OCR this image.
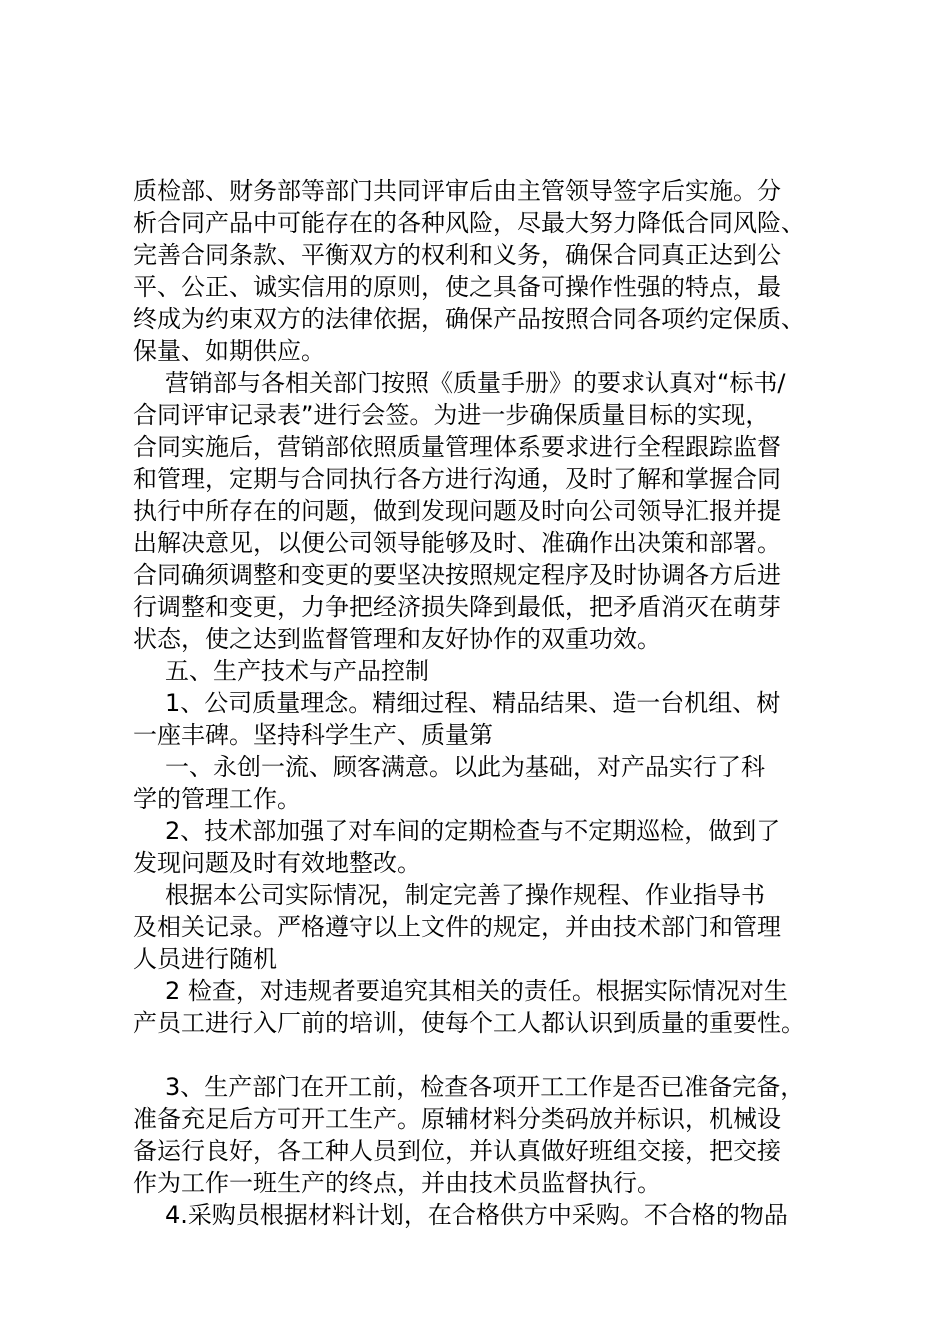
质检部、财务部等部门共同评审后由主管领导签字后实施。分
析合同产品中可能存在的各种风险，尽最大努力降低合同风险、
完善合同条款、平衡双方的权利和义务，确保合同真正达到公
平、公正、诚实信用的原则，使之具备可操作性强的特点，最
终成为约束双方的法律依据，确保产品按照合同各项约定保质、
保量、如期供应。
营销部与各相关部门按照《质量手册》的要求认真对“标书/
合同评审记录表”进行会签。为进一步确保质量目标的实现，
合同实施后，营销部依照质量管理体系要求进行全程跟踪监督
和管理，定期与合同执行各方进行沟通，及时了解和掌握合同
执行中所存在的问题，做到发现问题及时向公司领导汇报并提
出解决意见，以便公司领导能够及时、准确作出决策和部署。
合同确须调整和变更的要坚决按照规定程序及时协调各方后进
行调整和变更，力争把经济损失降到最低，把矛盾消灭在萌芽
状态，使之达到监督管理和友好协作的双重功效。
五、生产技术与产品控制
1、公司质量理念。精细过程、精品结果、造一台机组、树
一座丰碑。坚持科学生产、质量第
一、永创一流、顾客满意。以此为基础，对产品实行了科
学的管理工作。
2、技术部加强了对车间的定期检查与不定期巡检，做到了
发现问题及时有效地整改。
根据本公司实际情况，制定完善了操作规程、作业指导书
及相关记录。严格遵守以上文件的规定，并由技术部门和管理
人员进行随机
2 检查，对违规者要追究其相关的责任。根据实际情况对生
产员工进行入厂前的培训，使每个工人都认识到质量的重要性。
3、生产部门在开工前，检查各项开工工作是否已准备完备，
准备充足后方可开工生产。原辅材料分类码放并标识，机械设
备运行良好，各工种人员到位，并认真做好班组交接，把交接
作为工作一班生产的终点，并由技术员监督执行。
4.采购员根据材料计划，在合格供方中采购。不合格的物品
